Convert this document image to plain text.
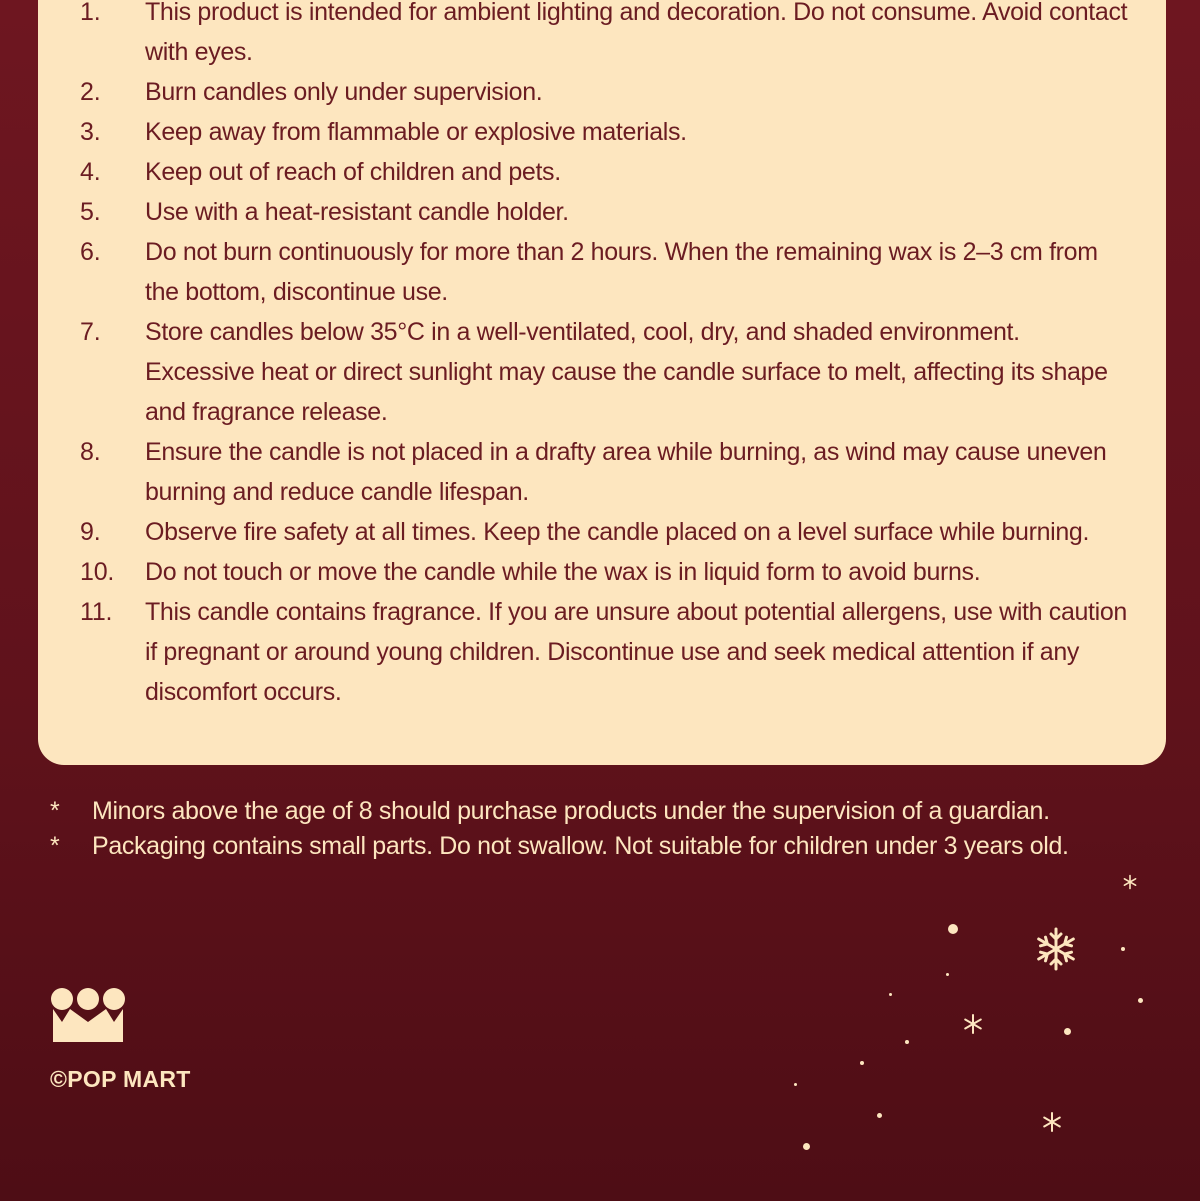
1. This product is intended for ambient lighting and decoration. Do not consume. Avoid contact with eyes.
2. Burn candles only under supervision.
3. Keep away from flammable or explosive materials.
4. Keep out of reach of children and pets.
5. Use with a heat-resistant candle holder.
6. Do not burn continuously for more than 2 hours. When the remaining wax is 2–3 cm from the bottom, discontinue use.
7. Store candles below 35°C in a well-ventilated, cool, dry, and shaded environment. Excessive heat or direct sunlight may cause the candle surface to melt, affecting its shape and fragrance release.
8. Ensure the candle is not placed in a drafty area while burning, as wind may cause uneven burning and reduce candle lifespan.
9. Observe fire safety at all times. Keep the candle placed on a level surface while burning.
10. Do not touch or move the candle while the wax is in liquid form to avoid burns.
11. This candle contains fragrance. If you are unsure about potential allergens, use with caution if pregnant or around young children. Discontinue use and seek medical attention if any discomfort occurs.
* Minors above the age of 8 should purchase products under the supervision of a guardian.
* Packaging contains small parts. Do not swallow. Not suitable for children under 3 years old.
©POP MART
